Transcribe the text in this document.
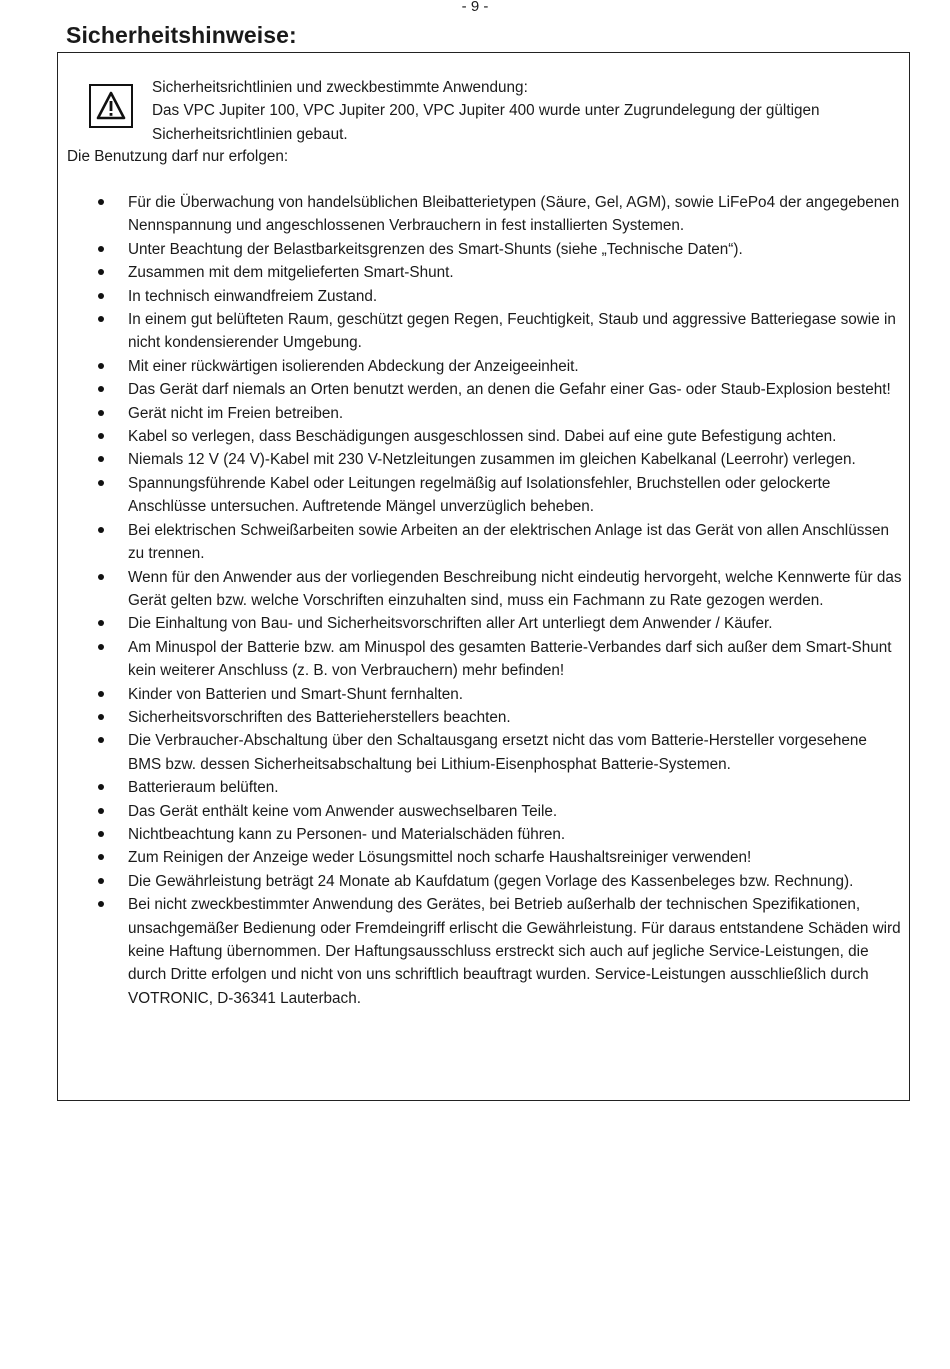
- 9 -
Sicherheitshinweise:
Sicherheitsrichtlinien und zweckbestimmte Anwendung:
Das VPC Jupiter 100, VPC Jupiter 200, VPC Jupiter 400 wurde unter Zugrundelegung der gültigen
Sicherheitsrichtlinien gebaut.
Die Benutzung darf nur erfolgen:
Für die Überwachung von handelsüblichen Bleibatterietypen (Säure, Gel, AGM), sowie LiFePo4 der angegebenen Nennspannung und angeschlossenen Verbrauchern in fest installierten Systemen.
Unter Beachtung der Belastbarkeitsgrenzen des Smart-Shunts (siehe „Technische Daten“).
Zusammen mit dem mitgelieferten Smart-Shunt.
In technisch einwandfreiem Zustand.
In einem gut belüfteten Raum, geschützt gegen Regen, Feuchtigkeit, Staub und aggressive Batteriegase sowie in nicht kondensierender Umgebung.
Mit einer rückwärtigen isolierenden Abdeckung der Anzeigeeinheit.
Das Gerät darf niemals an Orten benutzt werden, an denen die Gefahr einer Gas- oder Staub-Explosion besteht!
Gerät nicht im Freien betreiben.
Kabel so verlegen, dass Beschädigungen ausgeschlossen sind. Dabei auf eine gute Befestigung achten.
Niemals 12 V (24 V)-Kabel mit 230 V-Netzleitungen zusammen im gleichen Kabelkanal (Leerrohr) verlegen.
Spannungsführende Kabel oder Leitungen regelmäßig auf Isolationsfehler, Bruchstellen oder gelockerte Anschlüsse untersuchen. Auftretende Mängel unverzüglich beheben.
Bei elektrischen Schweißarbeiten sowie Arbeiten an der elektrischen Anlage ist das Gerät von allen Anschlüssen zu trennen.
Wenn für den Anwender aus der vorliegenden Beschreibung nicht eindeutig hervorgeht, welche Kennwerte für das Gerät gelten bzw. welche Vorschriften einzuhalten sind, muss ein Fachmann zu Rate gezogen werden.
Die Einhaltung von Bau- und Sicherheitsvorschriften aller Art unterliegt dem Anwender / Käufer.
Am Minuspol der Batterie bzw. am Minuspol des gesamten Batterie-Verbandes darf sich außer dem Smart-Shunt kein weiterer Anschluss (z. B. von Verbrauchern) mehr befinden!
Kinder von Batterien und Smart-Shunt fernhalten.
Sicherheitsvorschriften des Batterieherstellers beachten.
Die Verbraucher-Abschaltung über den Schaltausgang ersetzt nicht das vom Batterie-Hersteller vorgesehene BMS bzw. dessen Sicherheitsabschaltung bei Lithium-Eisenphosphat Batterie-Systemen.
Batterieraum belüften.
Das Gerät enthält keine vom Anwender auswechselbaren Teile.
Nichtbeachtung kann zu Personen- und Materialschäden führen.
Zum Reinigen der Anzeige weder Lösungsmittel noch scharfe Haushaltsreiniger verwenden!
Die Gewährleistung beträgt 24 Monate ab Kaufdatum (gegen Vorlage des Kassenbeleges bzw. Rechnung).
Bei nicht zweckbestimmter Anwendung des Gerätes, bei Betrieb außerhalb der technischen Spezifikationen, unsachgemäßer Bedienung oder Fremdeingriff erlischt die Gewährleistung. Für daraus entstandene Schäden wird keine Haftung übernommen. Der Haftungsausschluss erstreckt sich auch auf jegliche Service-Leistungen, die durch Dritte erfolgen und nicht von uns schriftlich beauftragt wurden. Service-Leistungen ausschließlich durch VOTRONIC, D-36341 Lauterbach.
